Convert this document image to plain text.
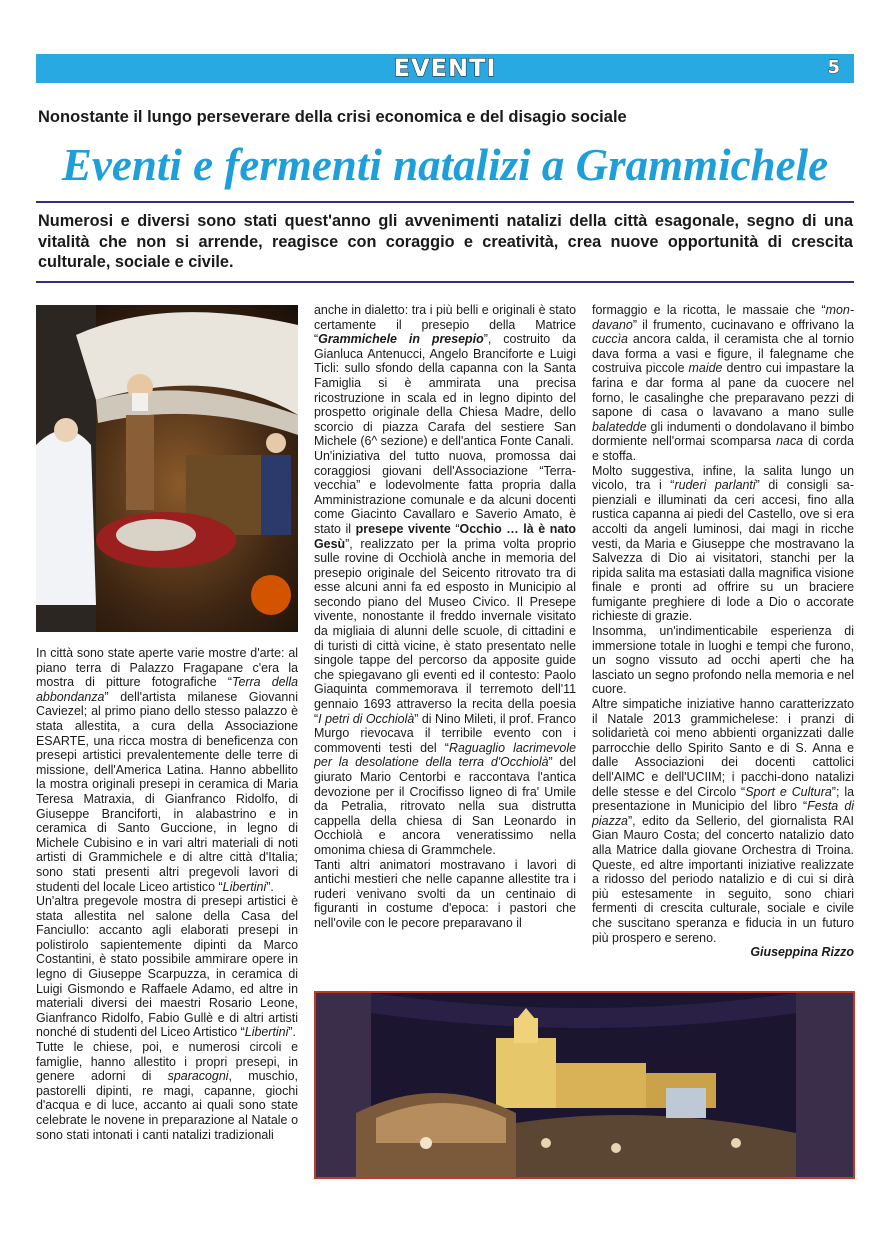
EVENTI	5
Nonostante il lungo perseverare della crisi economica e del disagio sociale
Eventi e fermenti natalizi a Grammichele
Numerosi e diversi sono stati quest'anno gli avvenimenti natalizi della città esagonale, segno di una vitalità che non si arrende, reagisce con coraggio e creatività, crea nuove opportunità di crescita culturale, sociale e civile.

In città sono state aperte varie mostre d'arte: al piano terra di Palazzo Fragapane c'era la mostra di pitture fotografiche “Terra della abbondanza” dell'artista milanese Giovanni Caviezel; al primo piano dello stesso palazzo è stata allestita, a cura della Associazione ESARTE, una ricca mostra di beneficenza con presepi artistici prevalentemente delle terre di missione, dell'America Latina. Hanno abbellito la mostra originali presepi in ceramica di Maria Teresa Matraxia, di Gianfranco Ridolfo, di Giuseppe Branciforti, in alabastrino e in ceramica di Santo Guccione, in legno di Michele Cubisino e in vari altri materiali di noti artisti di Grammichele e di altre città d'Italia; sono stati presenti altri pregevoli lavori di studenti del locale Liceo artistico “Libertini”.

Un'altra pregevole mostra di presepi artistici è stata allestita nel salone della Casa del Fanciullo: accanto agli elaborati presepi in polistirolo sapientemente dipinti da Marco Costantini, è stato possibile ammirare opere in legno di Giuseppe Scarpuzza, in ceramica di Luigi Gismondo e Raffaele Adamo, ed altre in materiali diversi dei maestri Rosario Leone, Gianfranco Ridolfo, Fabio Gullè e di altri artisti nonché di studenti del Liceo Artistico “Libertini”.

Tutte le chiese, poi, e numerosi circoli e famiglie, hanno allestito i propri presepi, in genere adorni di sparacogni, muschio, pastorelli dipinti, re magi, capanne, giochi d'acqua e di luce, accanto ai quali sono state celebrate le novene in preparazione al Natale o sono stati intonati i canti natalizi tradizionali

anche in dialetto: tra i più belli e originali è stato certamente il presepio della Matrice “Grammichele in presepio”, costruito da Gianluca Antenucci, Angelo Branciforte e Luigi Ticli: sullo sfondo della capanna con la Santa Famiglia si è ammirata una precisa ricostruzione in scala ed in legno dipinto del prospetto originale della Chiesa Madre, dello scorcio di piazza Carafa del sestiere San Michele (6^ sezione) e dell'antica Fonte Canali.

Un'iniziativa del tutto nuova, promossa dai coraggiosi giovani dell'Associazione “Terravecchia” e lodevolmente fatta propria dalla Amministrazione comunale e da alcuni docenti come Giacinto Cavallaro e Saverio Amato, è stato il presepe vivente “Occhio … là è nato Gesù”, realizzato per la prima volta proprio sulle rovine di Occhiolà anche in memoria del presepio originale del Seicento ritrovato tra di esse alcuni anni fa ed esposto in Municipio al secondo piano del Museo Civico. Il Presepe vivente, nonostante il freddo invernale visitato da migliaia di alunni delle scuole, di cittadini e di turisti di città vicine, è stato presentato nelle singole tappe del percorso da apposite guide che spiegavano gli eventi ed il contesto: Paolo Giaquinta commemorava il terremoto dell'11 gennaio 1693 attraverso la recita della poesia “I petri di Occhiolà” di Nino Mileti, il prof. Franco Murgo rievocava il terribile evento con i commoventi testi del “Raguaglio lacrimevole per la desolatione della terra d'Occhiolà” del giurato Mario Centorbi e raccontava l'antica devozione per il Crocifisso ligneo di fra' Umile da Petralia, ritrovato nella sua distrutta cappella della chiesa di San Leonardo in Occhiolà e ancora veneratissimo nella omonima chiesa di Grammchele.

Tanti altri animatori mostravano i lavori di antichi mestieri che nelle capanne allestite tra i ruderi venivano svolti da un centinaio di figuranti in costume d'epoca: i pastori che nell'ovile con le pecore preparavano il

formaggio e la ricotta, le massaie che “mondavano” il frumento, cucinavano e offrivano la cuccìa ancora calda, il ceramista che al tornio dava forma a vasi e figure, il falegname che costruiva piccole maide dentro cui impastare la farina e dar forma al pane da cuocere nel forno, le casalinghe che preparavano pezzi di sapone di casa o lavavano a mano sulle balatedde gli indumenti o dondolavano il bimbo dormiente nell'ormai scomparsa naca di corda e stoffa.

Molto suggestiva, infine, la salita lungo un vicolo, tra i “ruderi parlanti” di consigli sapienziali e illuminati da ceri accesi, fino alla rustica capanna ai piedi del Castello, ove si era accolti da angeli luminosi, dai magi in ricche vesti, da Maria e Giuseppe che mostravano la Salvezza di Dio ai visitatori, stanchi per la ripida salita ma estasiati dalla magnifica visione finale e pronti ad offrire su un braciere fumigante preghiere di lode a Dio o accorate richieste di grazie.

Insomma, un'indimenticabile esperienza di immersione totale in luoghi e tempi che furono, un sogno vissuto ad occhi aperti che ha lasciato un segno profondo nella memoria e nel cuore.

Altre simpatiche iniziative hanno caratterizzato il Natale 2013 grammichelese: i pranzi di solidarietà coi meno abbienti organizzati dalle parrocchie dello Spirito Santo e di S. Anna e dalle Associazioni dei docenti cattolici dell'AIMC e dell'UCIIM; i pacchi-dono natalizi delle stesse e del Circolo “Sport e Cultura”; la presentazione in Municipio del libro “Festa di piazza”, edito da Sellerio, del giornalista RAI Gian Mauro Costa; del concerto natalizio dato alla Matrice dalla giovane Orchestra di Troina. Queste, ed altre importanti iniziative realizzate a ridosso del periodo natalizio e di cui si dirà più estesamente in seguito, sono chiari fermenti di crescita culturale, sociale e civile che suscitano speranza e fiducia in un futuro più prospero e sereno.

Giuseppina Rizzo
